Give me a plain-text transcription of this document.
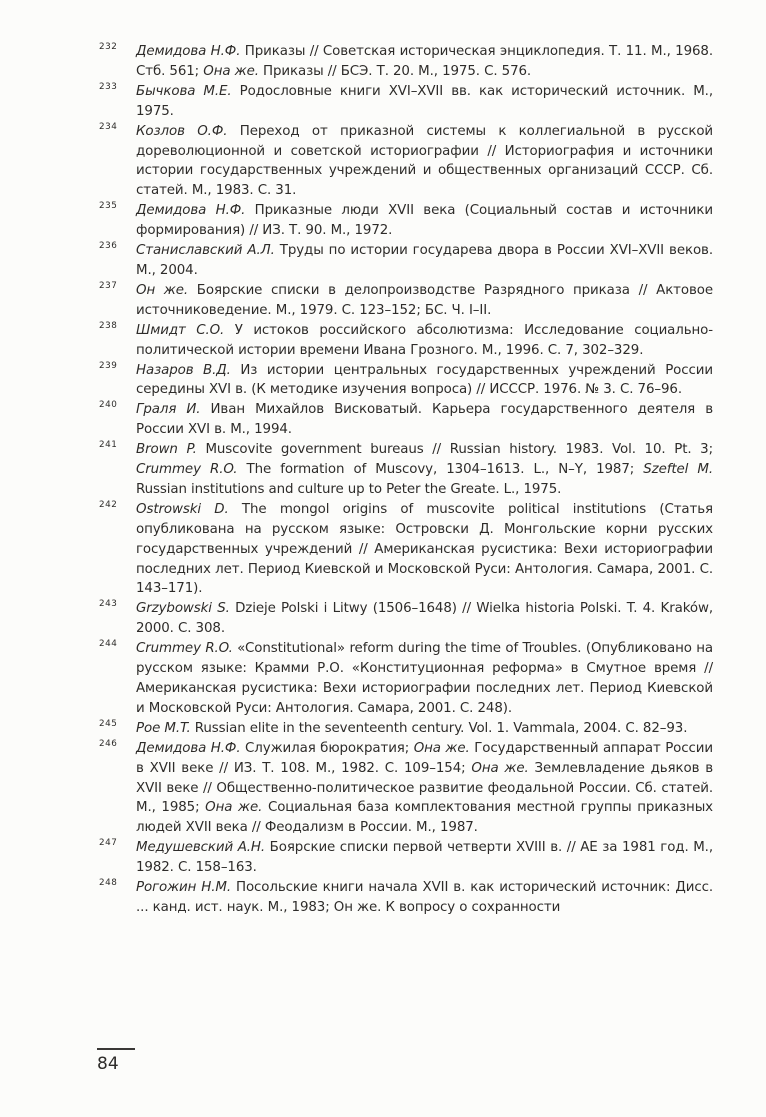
232 Демидова Н.Ф. Приказы // Советская историческая энциклопедия. Т. 11. М., 1968. Стб. 561; Она же. Приказы // БСЭ. Т. 20. М., 1975. С. 576.
233 Бычкова М.Е. Родословные книги XVI–XVII вв. как исторический источник. М., 1975.
234 Козлов О.Ф. Переход от приказной системы к коллегиальной в русской дореволюционной и советской историографии // Историография и источники истории государственных учреждений и общественных организаций СССР. Сб. статей. М., 1983. С. 31.
235 Демидова Н.Ф. Приказные люди XVII века (Социальный состав и источники формирования) // ИЗ. Т. 90. М., 1972.
236 Станиславский А.Л. Труды по истории государева двора в России XVI–XVII веков. М., 2004.
237 Он же. Боярские списки в делопроизводстве Разрядного приказа // Актовое источниковедение. М., 1979. С. 123–152; БС. Ч. I–II.
238 Шмидт С.О. У истоков российского абсолютизма: Исследование социально-политической истории времени Ивана Грозного. М., 1996. С. 7, 302–329.
239 Назаров В.Д. Из истории центральных государственных учреждений России середины XVI в. (К методике изучения вопроса) // ИСССР. 1976. № 3. С. 76–96.
240 Граля И. Иван Михайлов Висковатый. Карьера государственного деятеля в России XVI в. М., 1994.
241 Brown P. Muscovite government bureaus // Russian history. 1983. Vol. 10. Pt. 3; Crummey R.O. The formation of Muscovy, 1304–1613. L., N–Y, 1987; Szeftel M. Russian institutions and culture up to Peter the Greate. L., 1975.
242 Ostrowski D. The mongol origins of muscovite political institutions (Статья опубликована на русском языке: Островски Д. Монгольские корни русских государственных учреждений // Американская русистика: Вехи историографии последних лет. Период Киевской и Московской Руси: Антология. Самара, 2001. С. 143–171).
243 Grzybowski S. Dzieje Polski i Litwy (1506–1648) // Wielka historia Polski. T. 4. Kraków, 2000. С. 308.
244 Crummey R.O. «Constitutional» reform during the time of Troubles. (Опубликовано на русском языке: Крамми Р.О. «Конституционная реформа» в Смутное время // Американская русистика: Вехи историографии последних лет. Период Киевской и Московской Руси: Антология. Самара, 2001. С. 248).
245 Poe M.T. Russian elite in the seventeenth century. Vol. 1. Vammala, 2004. С. 82–93.
246 Демидова Н.Ф. Служилая бюрократия; Она же. Государственный аппарат России в XVII веке // ИЗ. Т. 108. М., 1982. С. 109–154; Она же. Землевладение дьяков в XVII веке // Общественно-политическое развитие феодальной России. Сб. статей. М., 1985; Она же. Социальная база комплектования местной группы приказных людей XVII века // Феодализм в России. М., 1987.
247 Медушевский А.Н. Боярские списки первой четверти XVIII в. // АЕ за 1981 год. М., 1982. С. 158–163.
248 Рогожин Н.М. Посольские книги начала XVII в. как исторический источник: Дисс. ... канд. ист. наук. М., 1983; Он же. К вопросу о сохранности
84
